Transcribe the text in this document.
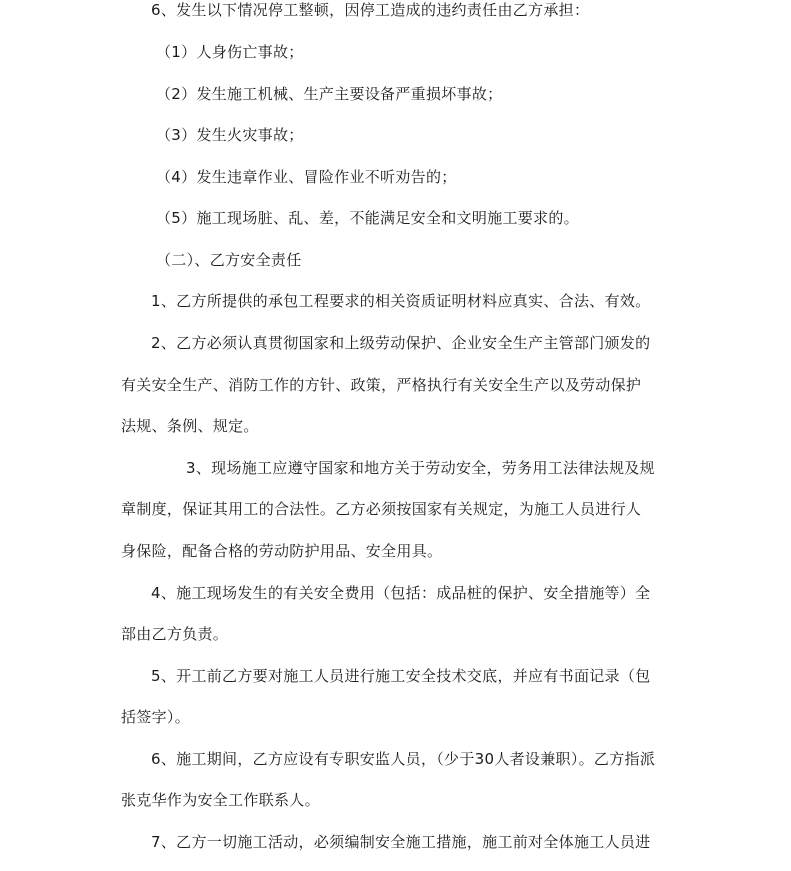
6、发生以下情况停工整顿，因停工造成的违约责任由乙方承担：
（1）人身伤亡事故；
（2）发生施工机械、生产主要设备严重损坏事故；
（3）发生火灾事故；
（4）发生违章作业、冒险作业不听劝告的；
（5）施工现场脏、乱、差，不能满足安全和文明施工要求的。
（二）、乙方安全责任
1、乙方所提供的承包工程要求的相关资质证明材料应真实、合法、有效。
2、乙方必须认真贯彻国家和上级劳动保护、企业安全生产主管部门颁发的
有关安全生产、消防工作的方针、政策，严格执行有关安全生产以及劳动保护
法规、条例、规定。
3、现场施工应遵守国家和地方关于劳动安全，劳务用工法律法规及规
章制度，保证其用工的合法性。乙方必须按国家有关规定，为施工人员进行人
身保险，配备合格的劳动防护用品、安全用具。
4、施工现场发生的有关安全费用（包括：成品桩的保护、安全措施等）全
部由乙方负责。
5、开工前乙方要对施工人员进行施工安全技术交底，并应有书面记录（包
括签字）。
6、施工期间，乙方应设有专职安监人员，（少于30人者设兼职）。乙方指派
张克华作为安全工作联系人。
7、乙方一切施工活动，必须编制安全施工措施，施工前对全体施工人员进
